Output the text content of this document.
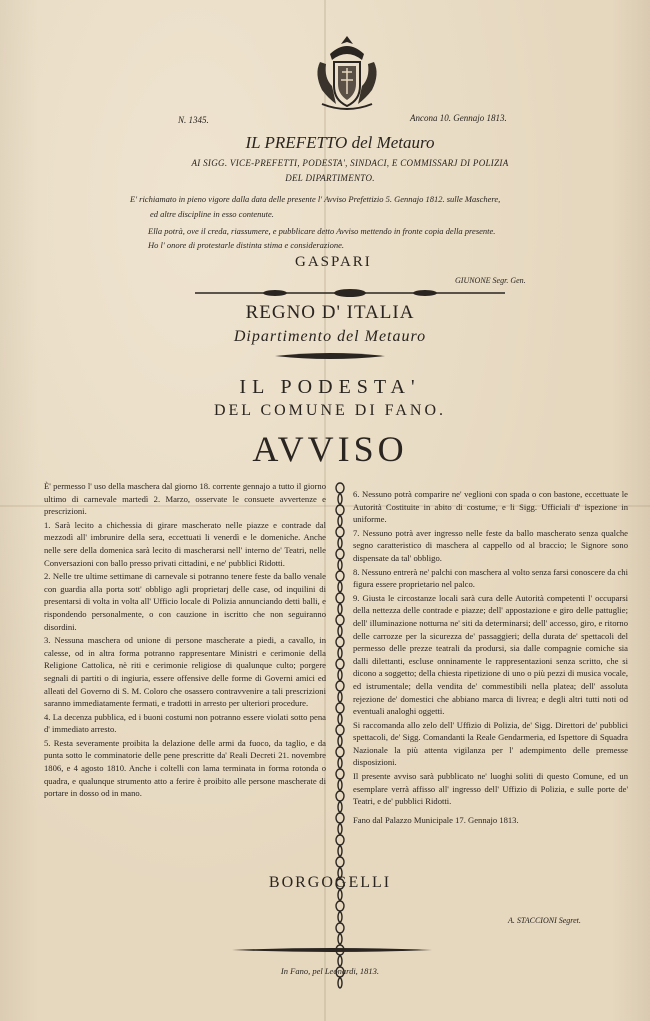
N. 1345.	Ancona 10. Gennajo 1813.
IL PREFETTO del Metauro
AI SIGG. VICE-PREFETTI, PODESTA', SINDACI, E COMMISSARJ DI POLIZIA
DEL DIPARTIMENTO.
E' richiamato in pieno vigore dalla data delle presente l' Avviso Prefettizio 5. Gennajo 1812. sulle Maschere,
ed altre discipline in esso contenute.
Ella potrà, ove il creda, riassumere, e pubblicare detto Avviso mettendo in fronte copia della presente.
Ho l' onore di protestarle distinta stima e considerazione.
GASPARI
GIUNONE Segr. Gen.
REGNO D' ITALIA
Dipartimento del Metauro
IL PODESTA'
DEL COMUNE DI FANO.
AVVISO

È' permesso l' uso della maschera dal giorno 18. corrente gennajo a tutto il giorno ultimo di carnevale martedì 2. Marzo, osservate le consuete avvertenze e prescrizioni.

1. Sarà lecito a chichessia di girare mascherato nelle piazze e contrade dal mezzodì all' imbrunire della sera, eccettuati li venerdì e le domeniche. Anche nelle sere della domenica sarà lecito di mascherarsi nell' interno de' Teatri, nelle Conversazioni con ballo presso privati cittadini, e ne' pubblici Ridotti.

2. Nelle tre ultime settimane di carnevale si potranno tenere feste da ballo venale con guardia alla porta sott' obbligo agli proprietarj delle case, od inquilini di presentarsi di volta in volta all' Ufficio locale di Polizia annunciando detti balli, e rispondendo personalmente, o con cauzione in iscritto che non seguiranno disordini.

3. Nessuna maschera od unione di persone mascherate a piedi, a cavallo, in calesse, od in altra forma potranno rappresentare Ministri e cerimonie della Religione Cattolica, nè riti e cerimonie religiose di qualunque culto; porgere segnali di partiti o di ingiuria, essere offensive delle forme di Governi amici ed alleati del Governo di S. M. Coloro che osassero contravvenire a tali prescrizioni saranno immediatamente fermati, e tradotti in arresto per ulteriori procedure.

4. La decenza pubblica, ed i buoni costumi non potranno essere violati sotto pena d' immediato arresto.

5. Resta severamente proibita la delazione delle armi da fuoco, da taglio, e da punta sotto le comminatorie delle pene prescritte da' Reali Decreti 21. novembre 1806, e 4 agosto 1810. Anche i coltelli con lama terminata in forma rotonda o quadra, e qualunque strumento atto a ferire è proibito alle persone mascherate di portare in dosso od in mano.

6. Nessuno potrà comparire ne' veglioni con spada o con bastone, eccettuate le Autorità Costituite in abito di costume, e li Sigg. Ufficiali d' ispezione in uniforme.

7. Nessuno potrà aver ingresso nelle feste da ballo mascherato senza qualche segno caratteristico di maschera al cappello od al braccio; le Signore sono dispensate da tal' obbligo.

8. Nessuno entrerà ne' palchi con maschera al volto senza farsi conoscere da chi figura essere proprietario nel palco.

9. Giusta le circostanze locali sarà cura delle Autorità competenti l' occuparsi della nettezza delle contrade e piazze; dell' appostazione e giro delle pattuglie; dell' illuminazione notturna ne' siti da determinarsi; dell' accesso, giro, e ritorno delle carrozze per la sicurezza de' passaggieri; della durata de' spettacoli del permesso delle prezze teatrali da prodursi, sia dalle compagnie comiche sia dalli dilettanti, escluse onninamente le rappresentazioni senza scritto, che si dicono a soggetto; della chiesta ripetizione di uno o più pezzi di musica vocale, ed istrumentale; della vendita de' commestibili nella platea; dell' assoluta rejezione de' domestici che abbiano marca di livrea; e degli altri tutti noti od eventuali analoghi oggetti.

Si raccomanda allo zelo dell' Uffizio di Polizia, de' Sigg. Direttori de' pubblici spettacoli, de' Sigg. Comandanti la Reale Gendarmeria, ed Ispettore di Squadra Nazionale la più attenta vigilanza per l' adempimento delle premesse disposizioni.

Il presente avviso sarà pubblicato ne' luoghi soliti di questo Comune, ed un esemplare verrà affisso all' ingresso dell' Uffizio di Polizia, e sulle porte de' Teatri, e de' pubblici Ridotti.

Fano dal Palazzo Municipale 17. Gennajo 1813.

BORGOGELLI
A. STACCIONI Segret.
In Fano, pel Leonardi, 1813.
